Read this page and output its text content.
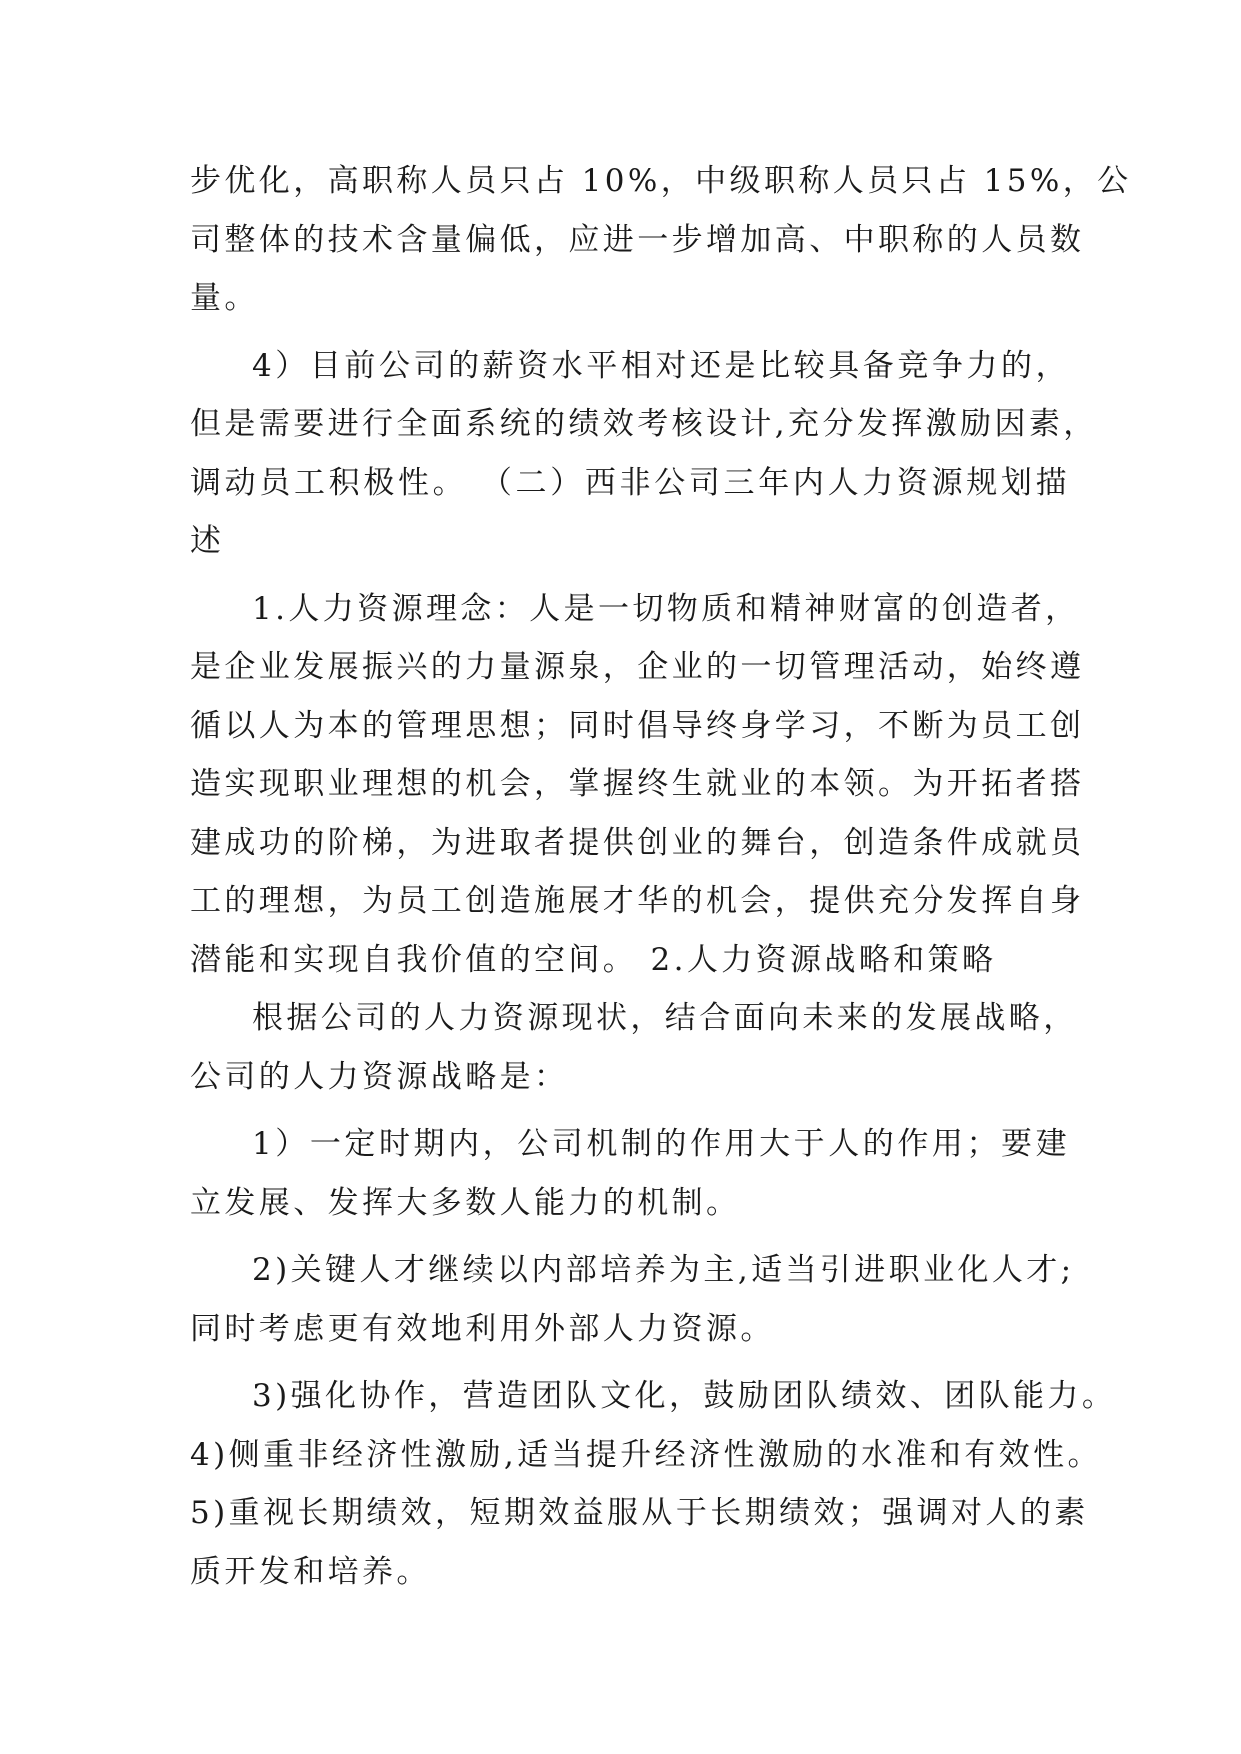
步优化，高职称人员只占 10%，中级职称人员只占 15%，公
司整体的技术含量偏低，应进一步增加高、中职称的人员数
量。
4）目前公司的薪资水平相对还是比较具备竞争力的，
但是需要进行全面系统的绩效考核设计,充分发挥激励因素，
调动员工积极性。 （二）西非公司三年内人力资源规划描
述
1.人力资源理念：人是一切物质和精神财富的创造者，
是企业发展振兴的力量源泉，企业的一切管理活动，始终遵
循以人为本的管理思想；同时倡导终身学习，不断为员工创
造实现职业理想的机会，掌握终生就业的本领。为开拓者搭
建成功的阶梯，为进取者提供创业的舞台，创造条件成就员
工的理想，为员工创造施展才华的机会，提供充分发挥自身
潜能和实现自我价值的空间。 2.人力资源战略和策略
根据公司的人力资源现状，结合面向未来的发展战略，
公司的人力资源战略是：
1）一定时期内，公司机制的作用大于人的作用；要建
立发展、发挥大多数人能力的机制。
2)关键人才继续以内部培养为主,适当引进职业化人才;
同时考虑更有效地利用外部人力资源。
3)强化协作，营造团队文化，鼓励团队绩效、团队能力。
4)侧重非经济性激励,适当提升经济性激励的水准和有效性。
5)重视长期绩效，短期效益服从于长期绩效；强调对人的素
质开发和培养。
